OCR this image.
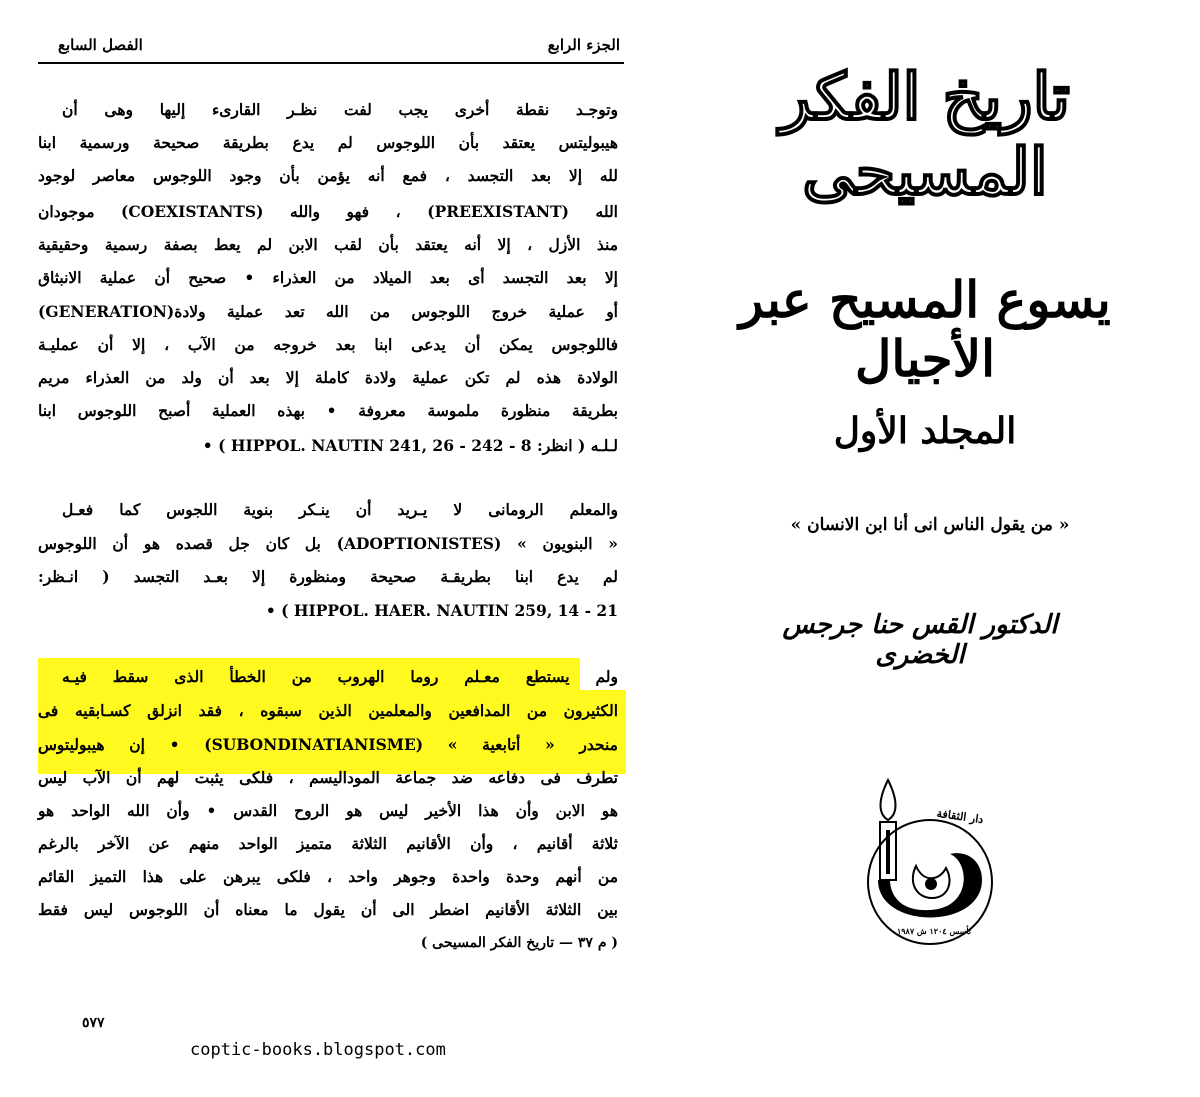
الجزء الرابع
الفصل السابع
وتوجـد نقطة أخرى يجب لفت نظـر القارىء إليها وهى أن
هيبوليتس يعتقد بأن اللوجوس لم يدع بطريقة صحيحة ورسمية ابنا
لله إلا بعد التجسد ، فمع أنه يؤمن بأن وجود اللوجوس معاصر لوجود
الله (PREEXISTANT) ، فهو والله (COEXISTANTS) موجودان
منذ الأزل ، إلا أنه يعتقد بأن لقب الابن لم يعط بصفة رسمية وحقيقية
إلا بعد التجسد أى بعد الميلاد من العذراء • صحيح أن عملية الانبثاق
أو عملية خروج اللوجوس من الله تعد عملية ولادة(GENERATION)
فاللوجوس يمكن أن يدعى ابنا بعد خروجه من الآب ، إلا أن عمليـة
الولادة هذه لم تكن عملية ولادة كاملة إلا بعد أن ولد من العذراء مريم
بطريقة منظورة ملموسة معروفة • بهذه العملية أصبح اللوجوس ابنا
لـلـه ( انظر: HIPPOL. NAUTIN 241, 26 - 242 - 8 ) •
والمعلم الرومانى لا يـريد أن ينـكر بنوية اللجوس كما فعـل
« البنويون » (ADOPTIONISTES) بل كان جل قصده هو أن اللوجوس
لم يدع ابنا بطريقـة صحيحة ومنظورة إلا بعـد التجسد ( انـظر:
HIPPOL. HAER. NAUTIN 259, 14 - 21 ) •
ولم يستطع معـلم روما الهروب من الخطأ الذى سقط فيـه
الكثيرون من المدافعين والمعلمين الذين سبقوه ، فقد انزلق كسـابقيه فى
منحدر « أتابعية » (SUBONDINATIANISME) • إن هيبوليتوس
تطرف فى دفاعه ضد جماعة الموداليسم ، فلكى يثبت لهم أن الآب ليس
هو الابن وأن هذا الأخير ليس هو الروح القدس • وأن الله الواحد هو
ثلاثة أقانيم ، وأن الأقانيم الثلاثة متميز الواحد منهم عن الآخر بالرغم
من أنهم وحدة واحدة وجوهر واحد ، فلكى يبرهن على هذا التميز القائم
بين الثلاثة الأقانيم اضطر الى أن يقول ما معناه أن اللوجوس ليس فقط
( م ٣٧ — تاريخ الفكر المسيحى )
٥٧٧
coptic-books.blogspot.com
تاريخ الفكر المسيحى
يسوع المسيح عبر الأجيال
المجلد الأول
« من يقول الناس انى أنا ابن الانسان »
الدكتور القس حنا جرجس الخضرى
دار الثقافة
تأسس ١٢٠٤ ش ١٩٨٧
